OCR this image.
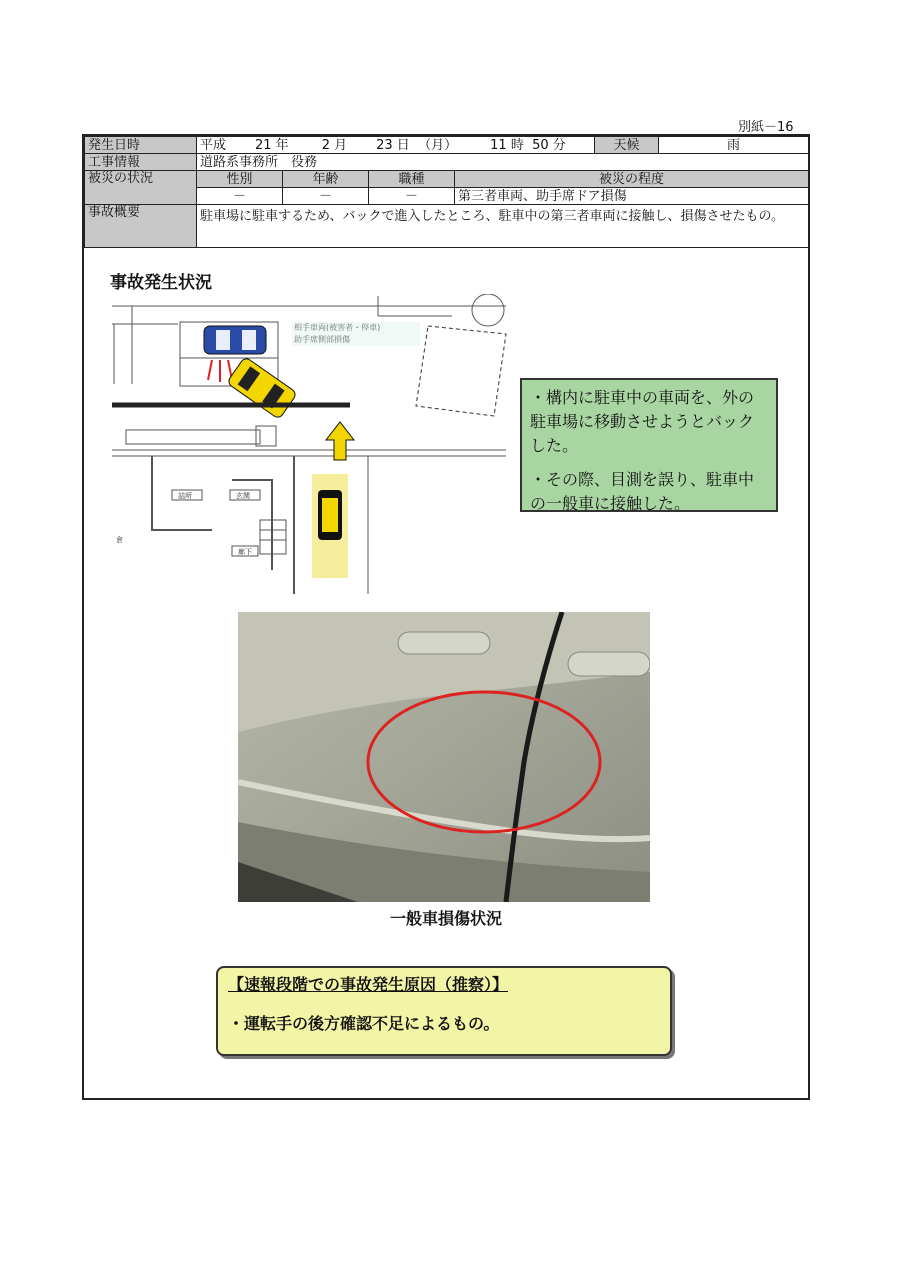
別紙－16
発生日時	平成 21 年 2 月 23 日 （月） 11 時 50 分				天候	雨
工事情報	道路系事務所　役務					
被災の状況	性別	年齢	職種	被災の程度		
	－	－	－	第三者車両、助手席ドア損傷		
事故概要	駐車場に駐車するため、バックで進入したところ、駐車中の第三者車両に接触し、損傷させたもの。					
事故発生状況
相手車両(被害者・停車)
助手席側部損傷
詰所	玄関
廊下
倉

・構内に駐車中の車両を、外の駐車場に移動させようとバックした。

・その際、目測を誤り、駐車中の一般車に接触した。

一般車損傷状況
【速報段階での事故発生原因（推察）】
・運転手の後方確認不足によるもの。
